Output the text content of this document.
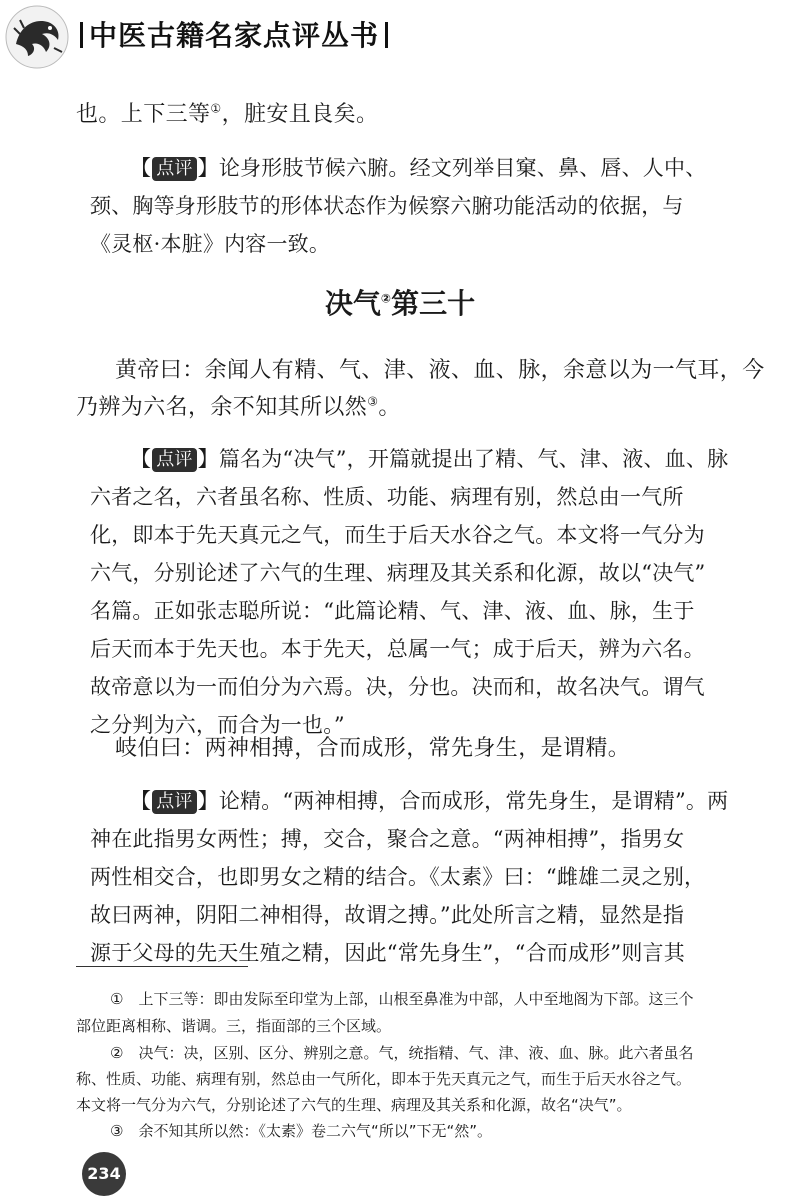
中医古籍名家点评丛书
也。上下三等①，脏安且良矣。
【 点评 】论身形肢节候六腑。经文列举目窠、鼻、唇、人中、
颈、胸等身形肢节的形体状态作为候察六腑功能活动的依据，与
《灵枢·本脏》内容一致。
决气②第三十
黄帝曰：余闻人有精、气、津、液、血、脉，余意以为一气耳，今
乃辨为六名，余不知其所以然③。
【 点评 】篇名为“决气”，开篇就提出了精、气、津、液、血、脉
六者之名，六者虽名称、性质、功能、病理有别，然总由一气所
化，即本于先天真元之气，而生于后天水谷之气。本文将一气分为
六气，分别论述了六气的生理、病理及其关系和化源，故以“决气”
名篇。正如张志聪所说：“此篇论精、气、津、液、血、脉，生于
后天而本于先天也。本于先天，总属一气；成于后天，辨为六名。
故帝意以为一而伯分为六焉。决，分也。决而和，故名决气。谓气
之分判为六，而合为一也。”
岐伯曰：两神相搏，合而成形，常先身生，是谓精。
【 点评 】论精。“两神相搏，合而成形，常先身生，是谓精”。两
神在此指男女两性；搏，交合，聚合之意。“两神相搏”，指男女
两性相交合，也即男女之精的结合。《太素》曰：“雌雄二灵之别，
故曰两神，阴阳二神相得，故谓之搏。”此处所言之精，显然是指
源于父母的先天生殖之精，因此“常先身生”，“合而成形”则言其
①　上下三等：即由发际至印堂为上部，山根至鼻准为中部，人中至地阁为下部。这三个
部位距离相称、谐调。三，指面部的三个区域。
②　决气：决，区别、区分、辨别之意。气，统指精、气、津、液、血、脉。此六者虽名
称、性质、功能、病理有别，然总由一气所化，即本于先天真元之气，而生于后天水谷之气。
本文将一气分为六气，分别论述了六气的生理、病理及其关系和化源，故名“决气”。
③　余不知其所以然：《太素》卷二六气“所以”下无“然”。
234
